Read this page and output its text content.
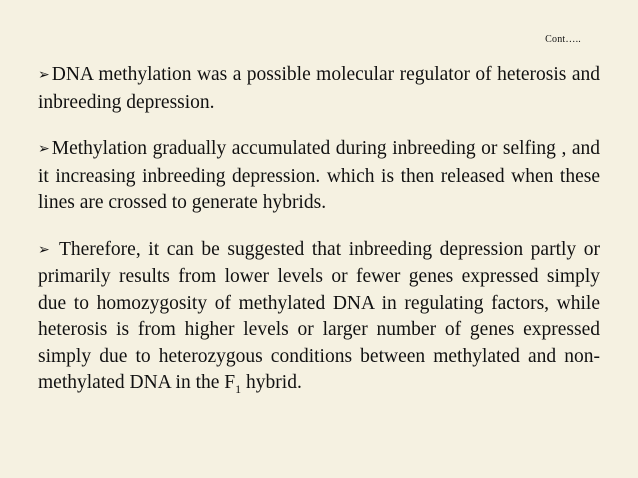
Cont…..

➢ DNA methylation was a possible molecular regulator of heterosis and inbreeding depression.

➢ Methylation gradually accumulated during inbreeding or selfing , and it increasing inbreeding depression. which is then released when these lines are crossed to generate hybrids.

➢ Therefore, it can be suggested that inbreeding depression partly or primarily results from lower levels or fewer genes expressed simply due to homozygosity of methylated DNA in regulating factors, while heterosis is from higher levels or larger number of genes expressed simply due to heterozygous conditions between methylated and non-methylated DNA in the $F_1$ hybrid.
